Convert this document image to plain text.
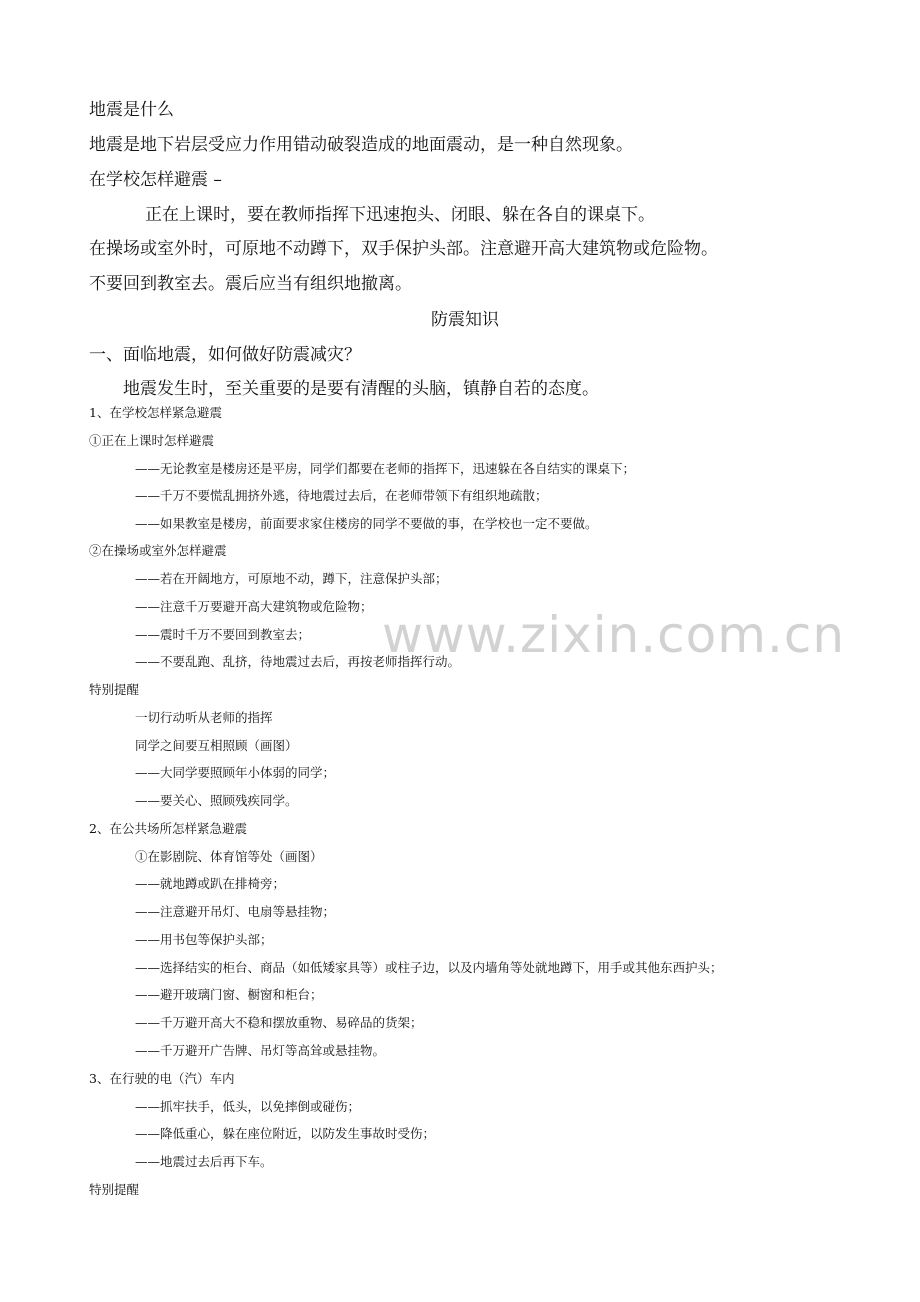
www.zixin.com.cn
地震是什么
地震是地下岩层受应力作用错动破裂造成的地面震动，是一种自然现象。
在学校怎样避震 –
正在上课时，要在教师指挥下迅速抱头、闭眼、躲在各自的课桌下。
在操场或室外时，可原地不动蹲下，双手保护头部。注意避开高大建筑物或危险物。
不要回到教室去。震后应当有组织地撤离。
防震知识
一、面临地震，如何做好防震减灾？
地震发生时，至关重要的是要有清醒的头脑，镇静自若的态度。
1、在学校怎样紧急避震
①正在上课时怎样避震
——无论教室是楼房还是平房，同学们都要在老师的指挥下，迅速躲在各自结实的课桌下；
——千万不要慌乱拥挤外逃，待地震过去后，在老师带领下有组织地疏散；
——如果教室是楼房，前面要求家住楼房的同学不要做的事，在学校也一定不要做。
②在操场或室外怎样避震
——若在开阔地方，可原地不动，蹲下，注意保护头部；
——注意千万要避开高大建筑物或危险物；
——震时千万不要回到教室去；
——不要乱跑、乱挤，待地震过去后，再按老师指挥行动。
特别提醒
一切行动听从老师的指挥
同学之间要互相照顾（画图）
——大同学要照顾年小体弱的同学；
——要关心、照顾残疾同学。
2、在公共场所怎样紧急避震
①在影剧院、体育馆等处（画图）
——就地蹲或趴在排椅旁；
——注意避开吊灯、电扇等悬挂物；
——用书包等保护头部；
——选择结实的柜台、商品（如低矮家具等）或柱子边，以及内墙角等处就地蹲下，用手或其他东西护头；
——避开玻璃门窗、橱窗和柜台；
——千万避开高大不稳和摆放重物、易碎品的货架；
——千万避开广告牌、吊灯等高耸或悬挂物。
3、在行驶的电（汽）车内
——抓牢扶手，低头，以免摔倒或碰伤；
——降低重心，躲在座位附近，以防发生事故时受伤；
——地震过去后再下车。
特别提醒
